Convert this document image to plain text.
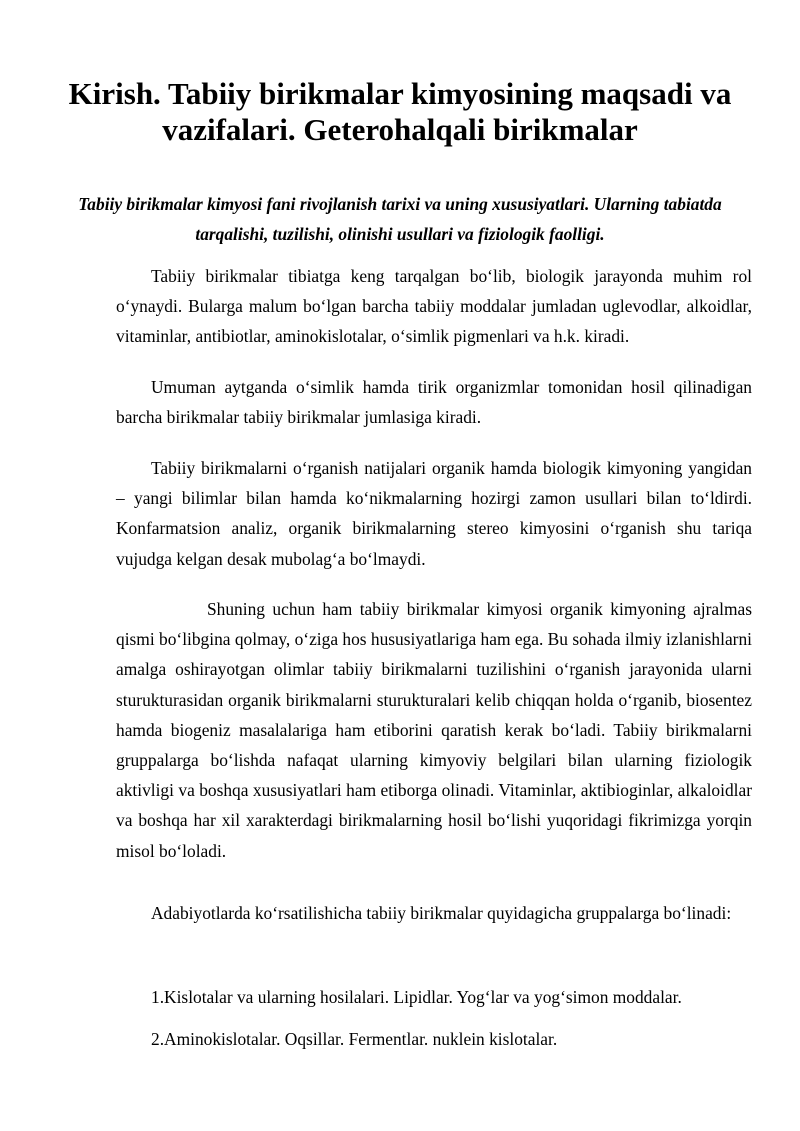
Kirish. Tabiiy birikmalar kimyosining maqsadi va vazifalari. Geterohalqali birikmalar
Tabiiy birikmalar kimyosi fani rivojlanish tarixi va uning xususiyatlari. Ularning tabiatda tarqalishi, tuzilishi, olinishi usullari va fiziologik faolligi.

Tabiiy birikmalar tibiatga keng tarqalgan bo‘lib, biologik jarayonda muhim rol o‘ynaydi. Bularga malum bo‘lgan barcha tabiiy moddalar jumladan uglevodlar, alkoidlar, vitaminlar, antibiotlar, aminokislotalar, o‘simlik pigmenlari va h.k. kiradi.

Umuman aytganda o‘simlik hamda tirik organizmlar tomonidan hosil qilinadigan barcha birikmalar tabiiy birikmalar jumlasiga kiradi.

Tabiiy birikmalarni o‘rganish natijalari organik hamda biologik kimyoning yangidan – yangi bilimlar bilan hamda ko‘nikmalarning hozirgi zamon usullari bilan to‘ldirdi. Konfarmatsion analiz, organik birikmalarning stereo kimyosini o‘rganish shu tariqa vujudga kelgan desak mubolag‘a bo‘lmaydi.

Shuning uchun ham tabiiy birikmalar kimyosi organik kimyoning ajralmas qismi bo‘libgina qolmay, o‘ziga hos hususiyatlariga ham ega. Bu sohada ilmiy izlanishlarni amalga oshirayotgan olimlar tabiiy birikmalarni tuzilishini o‘rganish jarayonida ularni sturukturasidan organik birikmalarni sturukturalari kelib chiqqan holda o‘rganib, biosentez hamda biogeniz masalalariga ham etiborini qaratish kerak bo‘ladi. Tabiiy birikmalarni gruppalarga bo‘lishda nafaqat ularning kimyoviy belgilari bilan ularning fiziologik aktivligi va boshqa xususiyatlari ham etiborga olinadi. Vitaminlar, aktibioginlar, alkaloidlar va boshqa har xil xarakterdagi birikmalarning hosil bo‘lishi yuqoridagi fikrimizga yorqin misol bo‘loladi.

Adabiyotlarda ko‘rsatilishicha tabiiy birikmalar quyidagicha gruppalarga bo‘linadi:

1.Kislotalar va ularning hosilalari. Lipidlar. Yog‘lar va yog‘simon moddalar.

2.Aminokislotalar. Oqsillar. Fermentlar. nuklein kislotalar.
